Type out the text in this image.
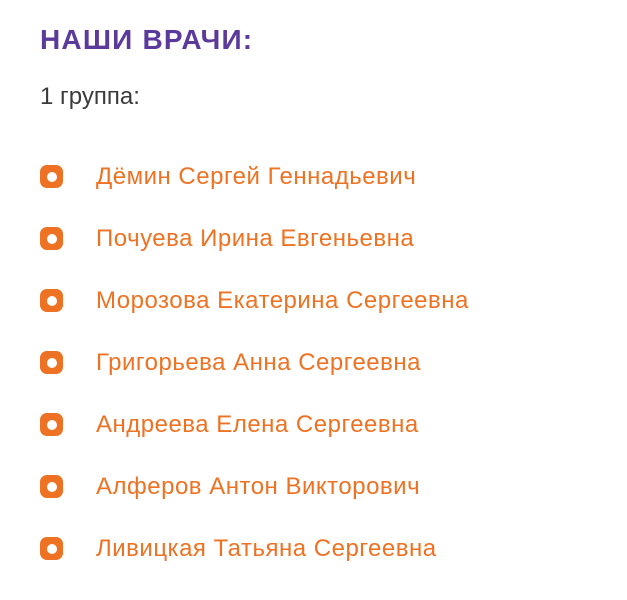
НАШИ ВРАЧИ:
1 группа:
Дёмин Сергей Геннадьевич
Почуева Ирина Евгеньевна
Морозова Екатерина Сергеевна
Григорьева Анна Сергеевна
Андреева Елена Сергеевна
Алферов Антон Викторович
Ливицкая Татьяна Сергеевна
